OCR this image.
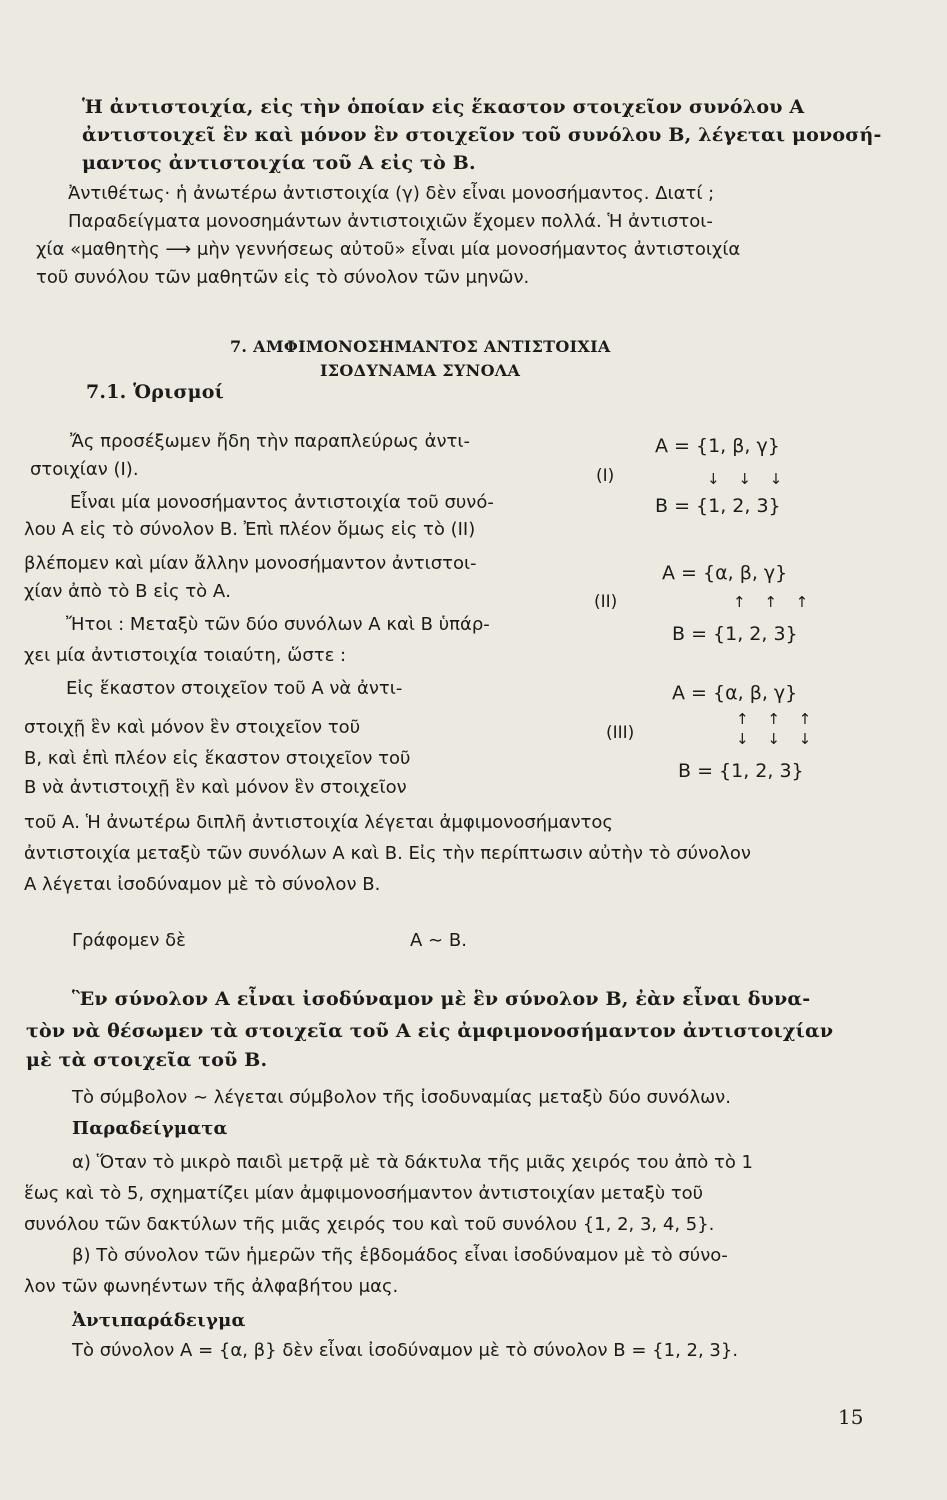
Ἡ ἀντιστοιχία, εἰς τὴν ὁποίαν εἰς ἕκαστον στοιχεῖον συνόλου Α

ἀντιστοιχεῖ ἓν καὶ μόνον ἓν στοιχεῖον τοῦ συνόλου Β, λέγεται μονοσή-

μαντος ἀντιστοιχία τοῦ Α εἰς τὸ Β.

Ἀντιθέτως· ἡ ἀνωτέρω ἀντιστοιχία (γ) δὲν εἶναι μονοσήμαντος. Διατί ;

Παραδείγματα μονοσημάντων ἀντιστοιχιῶν ἔχομεν πολλά. Ἡ ἀντιστοι-

χία «μαθητὴς ⟶ μὴν γεννήσεως αὐτοῦ» εἶναι μία μονοσήμαντος ἀντιστοιχία

τοῦ συνόλου τῶν μαθητῶν εἰς τὸ σύνολον τῶν μηνῶν.

7. ΑΜΦΙΜΟΝΟΣΗΜΑΝΤΟΣ ΑΝΤΙΣΤΟΙΧΙΑ

ΙΣΟΔΥΝΑΜΑ ΣΥΝΟΛΑ

7.1. Ὁρισμοί

Ἄς προσέξωμεν ἤδη τὴν παραπλεύρως ἀντι-

στοιχίαν (I).

Εἶναι μία μονοσήμαντος ἀντιστοιχία τοῦ συνό-

λου Α εἰς τὸ σύνολον Β. Ἐπὶ πλέον ὅμως εἰς τὸ (II)

βλέπομεν καὶ μίαν ἄλλην μονοσήμαντον ἀντιστοι-

χίαν ἀπὸ τὸ Β εἰς τὸ Α.

Ἤτοι : Μεταξὺ τῶν δύο συνόλων Α καὶ Β ὑπάρ-

χει μία ἀντιστοιχία τοιαύτη, ὥστε :

Εἰς ἕκαστον στοιχεῖον τοῦ Α νὰ ἀντι-

στοιχῇ ἓν καὶ μόνον ἓν στοιχεῖον τοῦ

Β, καὶ ἐπὶ πλέον εἰς ἕκαστον στοιχεῖον τοῦ

Β νὰ ἀντιστοιχῇ ἓν καὶ μόνον ἓν στοιχεῖον

Α = {1, β, γ}

(I)	↓ ↓ ↓

Β = {1, 2, 3}

Α = {α, β, γ}

(II)	↑ ↑ ↑

Β = {1, 2, 3}

Α = {α, β, γ}

(III)

↑ ↑ ↑

↓ ↓ ↓

Β = {1, 2, 3}

τοῦ Α. Ἡ ἀνωτέρω διπλῆ ἀντιστοιχία λέγεται ἀμφιμονοσήμαντος

ἀντιστοιχία μεταξὺ τῶν συνόλων Α καὶ Β. Εἰς τὴν περίπτωσιν αὐτὴν τὸ σύνολον

Α λέγεται ἰσοδύναμον μὲ τὸ σύνολον Β.

Γράφομεν δὲ	Α ∼ Β.

Ἓν σύνολον Α εἶναι ἰσοδύναμον μὲ ἓν σύνολον Β, ἐὰν εἶναι δυνα-

τὸν νὰ θέσωμεν τὰ στοιχεῖα τοῦ Α εἰς ἀμφιμονοσήμαντον ἀντιστοιχίαν

μὲ τὰ στοιχεῖα τοῦ Β.

Τὸ σύμβολον ∼ λέγεται σύμβολον τῆς ἰσοδυναμίας μεταξὺ δύο συνόλων.

Παραδείγματα

α) Ὅταν τὸ μικρὸ παιδὶ μετρᾷ μὲ τὰ δάκτυλα τῆς μιᾶς χειρός του ἀπὸ τὸ 1

ἕως καὶ τὸ 5, σχηματίζει μίαν ἀμφιμονοσήμαντον ἀντιστοιχίαν μεταξὺ τοῦ

συνόλου τῶν δακτύλων τῆς μιᾶς χειρός του καὶ τοῦ συνόλου {1, 2, 3, 4, 5}.

β) Τὸ σύνολον τῶν ἡμερῶν τῆς ἑβδομάδος εἶναι ἰσοδύναμον μὲ τὸ σύνο-

λον τῶν φωνηέντων τῆς ἀλφαβήτου μας.

Ἀντιπαράδειγμα

Τὸ σύνολον Α = {α, β} δὲν εἶναι ἰσοδύναμον μὲ τὸ σύνολον Β = {1, 2, 3}.

15
